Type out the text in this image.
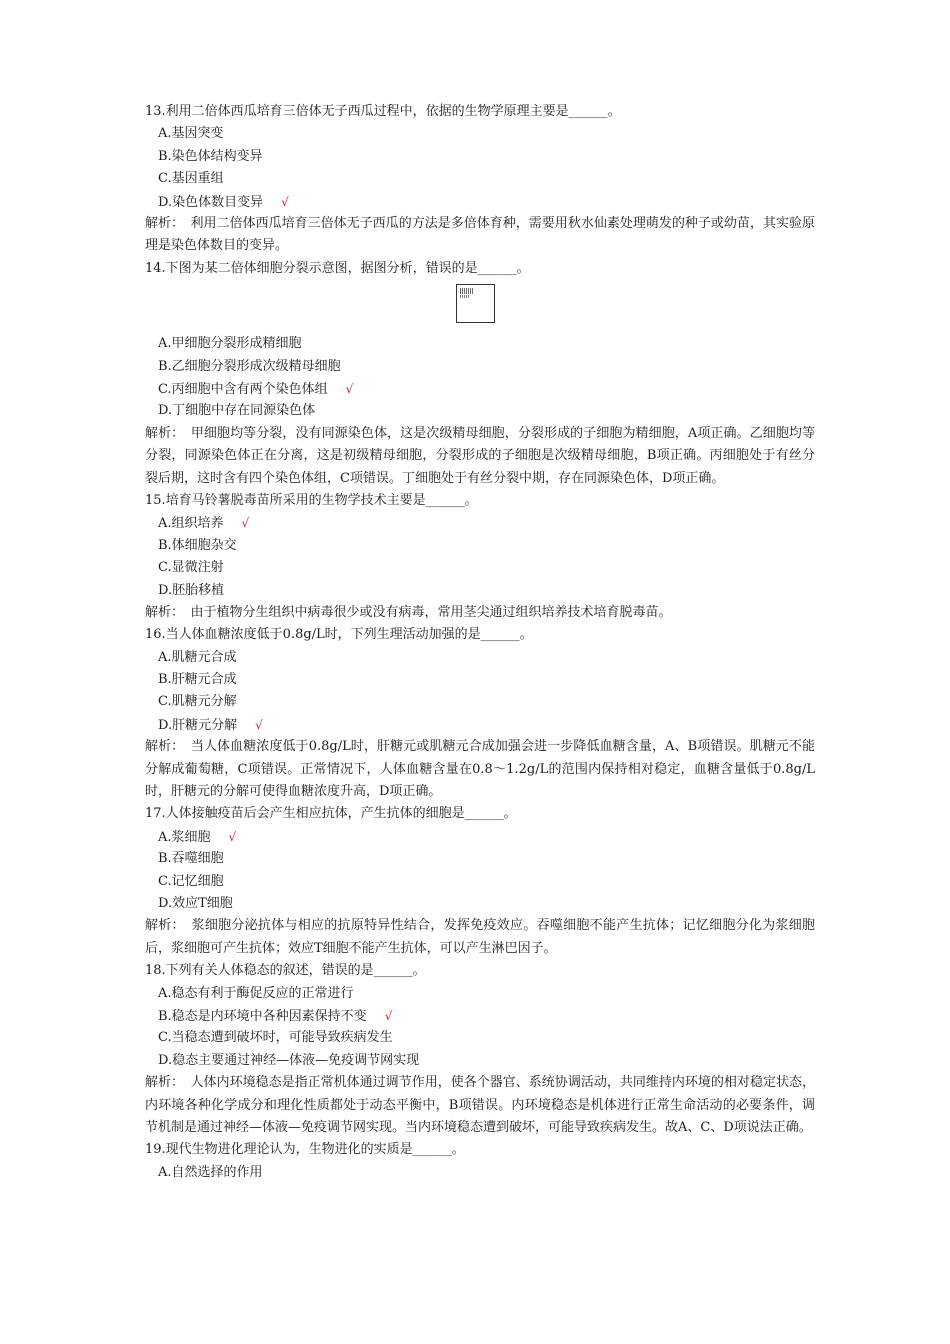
13.利用二倍体西瓜培育三倍体无子西瓜过程中，依据的生物学原理主要是______。
A.基因突变
B.染色体结构变异
C.基因重组
D.染色体数目变异 √
解析：　利用二倍体西瓜培育三倍体无子西瓜的方法是多倍体育种，需要用秋水仙素处理萌发的种子或幼苗，其实验原理是染色体数目的变异。
14.下图为某二倍体细胞分裂示意图，据图分析，错误的是______。
A.甲细胞分裂形成精细胞
B.乙细胞分裂形成次级精母细胞
C.丙细胞中含有两个染色体组 √
D.丁细胞中存在同源染色体
解析：　甲细胞均等分裂，没有同源染色体，这是次级精母细胞，分裂形成的子细胞为精细胞，A项正确。乙细胞均等分裂，同源染色体正在分离，这是初级精母细胞，分裂形成的子细胞是次级精母细胞，B项正确。丙细胞处于有丝分裂后期，这时含有四个染色体组，C项错误。丁细胞处于有丝分裂中期，存在同源染色体，D项正确。
15.培育马铃薯脱毒苗所采用的生物学技术主要是______。
A.组织培养 √
B.体细胞杂交
C.显微注射
D.胚胎移植
解析：　由于植物分生组织中病毒很少或没有病毒，常用茎尖通过组织培养技术培育脱毒苗。
16.当人体血糖浓度低于0.8g/L时，下列生理活动加强的是______。
A.肌糖元合成
B.肝糖元合成
C.肌糖元分解
D.肝糖元分解 √
解析：　当人体血糖浓度低于0.8g/L时，肝糖元或肌糖元合成加强会进一步降低血糖含量，A、B项错误。肌糖元不能分解成葡萄糖，C项错误。正常情况下，人体血糖含量在0.8～1.2g/L的范围内保持相对稳定，血糖含量低于0.8g/L时，肝糖元的分解可使得血糖浓度升高，D项正确。
17.人体接触疫苗后会产生相应抗体，产生抗体的细胞是______。
A.浆细胞 √
B.吞噬细胞
C.记忆细胞
D.效应T细胞
解析：　浆细胞分泌抗体与相应的抗原特异性结合，发挥免疫效应。吞噬细胞不能产生抗体；记忆细胞分化为浆细胞后，浆细胞可产生抗体；效应T细胞不能产生抗体，可以产生淋巴因子。
18.下列有关人体稳态的叙述，错误的是______。
A.稳态有利于酶促反应的正常进行
B.稳态是内环境中各种因素保持不变 √
C.当稳态遭到破坏时，可能导致疾病发生
D.稳态主要通过神经—体液—免疫调节网实现
解析：　人体内环境稳态是指正常机体通过调节作用，使各个器官、系统协调活动，共同维持内环境的相对稳定状态，内环境各种化学成分和理化性质都处于动态平衡中，B项错误。内环境稳态是机体进行正常生命活动的必要条件，调节机制是通过神经—体液—免疫调节网实现。当内环境稳态遭到破坏，可能导致疾病发生。故A、C、D项说法正确。
19.现代生物进化理论认为，生物进化的实质是______。
A.自然选择的作用
